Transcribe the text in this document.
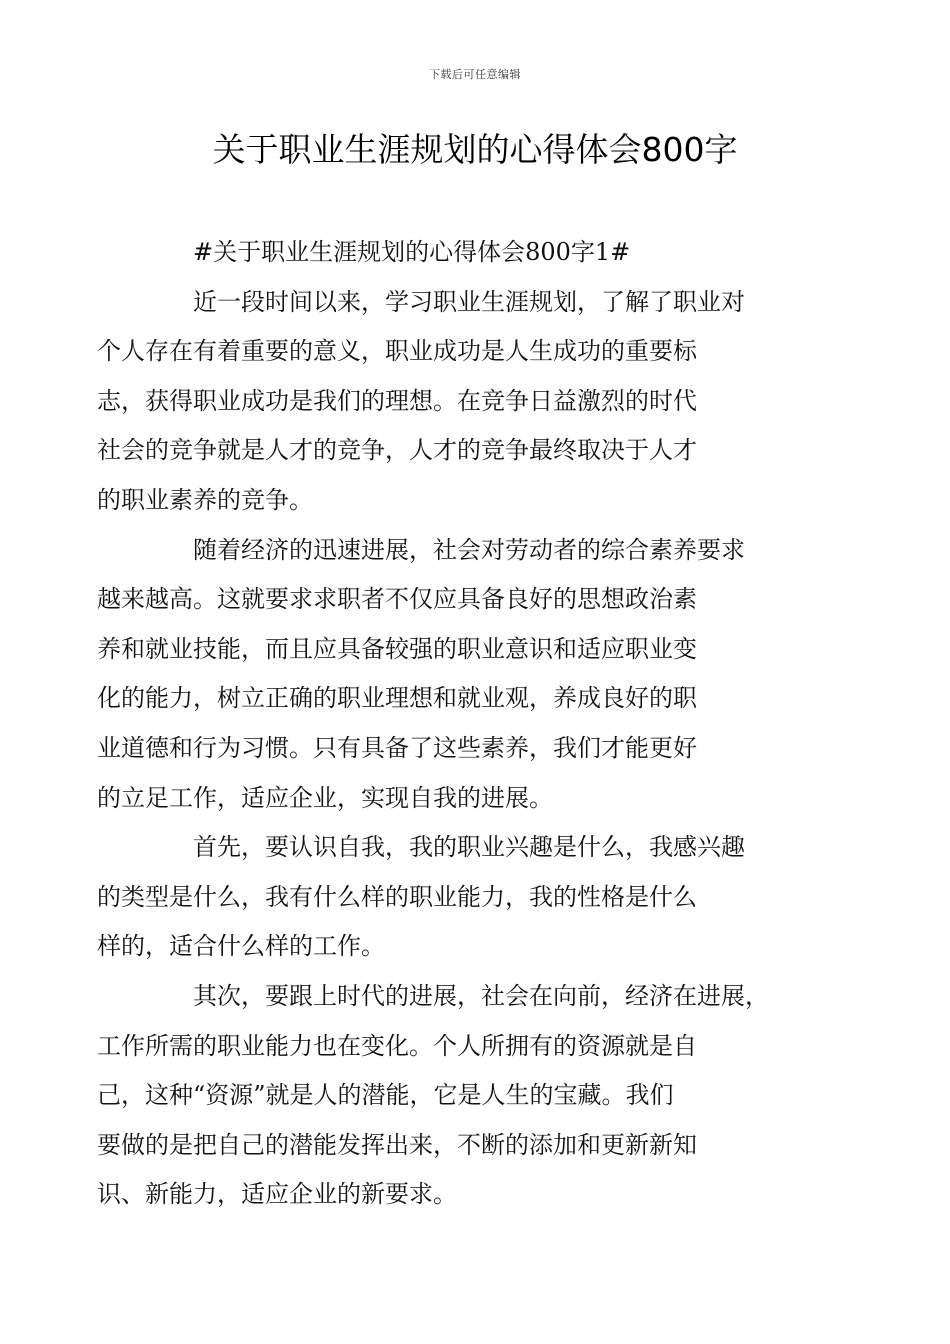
下载后可任意编辑
关于职业生涯规划的心得体会800字
#关于职业生涯规划的心得体会800字1#
近一段时间以来，学习职业生涯规划，了解了职业对
个人存在有着重要的意义，职业成功是人生成功的重要标
志，获得职业成功是我们的理想。在竞争日益激烈的时代
社会的竞争就是人才的竞争，人才的竞争最终取决于人才
的职业素养的竞争。
随着经济的迅速进展，社会对劳动者的综合素养要求
越来越高。这就要求求职者不仅应具备良好的思想政治素
养和就业技能，而且应具备较强的职业意识和适应职业变
化的能力，树立正确的职业理想和就业观，养成良好的职
业道德和行为习惯。只有具备了这些素养，我们才能更好
的立足工作，适应企业，实现自我的进展。
首先，要认识自我，我的职业兴趣是什么，我感兴趣
的类型是什么，我有什么样的职业能力，我的性格是什么
样的，适合什么样的工作。
其次，要跟上时代的进展，社会在向前，经济在进展，
工作所需的职业能力也在变化。个人所拥有的资源就是自
己，这种“资源”就是人的潜能，它是人生的宝藏。我们
要做的是把自己的潜能发挥出来，不断的添加和更新新知
识、新能力，适应企业的新要求。
